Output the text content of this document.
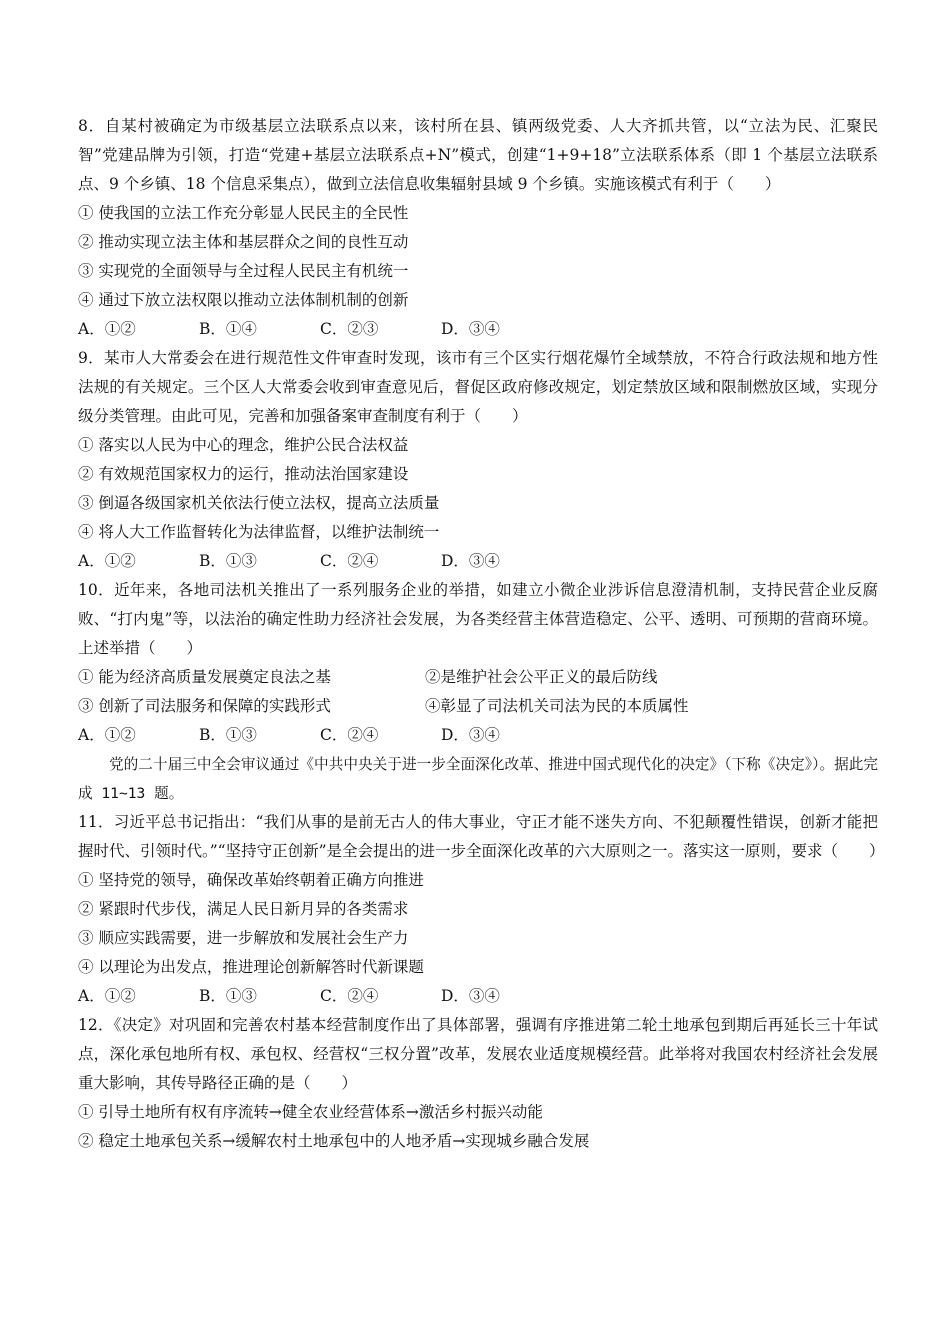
8．自某村被确定为市级基层立法联系点以来，该村所在县、镇两级党委、人大齐抓共管，以“立法为民、汇聚民智”党建品牌为引领，打造“党建+基层立法联系点+N”模式，创建“1+9+18”立法联系体系（即 1 个基层立法联系点、9 个乡镇、18 个信息采集点），做到立法信息收集辐射县域 9 个乡镇。实施该模式有利于（　　）
① 使我国的立法工作充分彰显人民民主的全民性
② 推动实现立法主体和基层群众之间的良性互动
③ 实现党的全面领导与全过程人民民主有机统一
④ 通过下放立法权限以推动立法体制机制的创新
A．①②	B．①④	C．②③	D．③④
9．某市人大常委会在进行规范性文件审查时发现，该市有三个区实行烟花爆竹全域禁放，不符合行政法规和地方性法规的有关规定。三个区人大常委会收到审查意见后，督促区政府修改规定，划定禁放区域和限制燃放区域，实现分级分类管理。由此可见，完善和加强备案审查制度有利于（　　）
① 落实以人民为中心的理念，维护公民合法权益
② 有效规范国家权力的运行，推动法治国家建设
③ 倒逼各级国家机关依法行使立法权，提高立法质量
④ 将人大工作监督转化为法律监督，以维护法制统一
A．①②	B．①③	C．②④	D．③④
10．近年来，各地司法机关推出了一系列服务企业的举措，如建立小微企业涉诉信息澄清机制，支持民营企业反腐败、“打内鬼”等，以法治的确定性助力经济社会发展，为各类经营主体营造稳定、公平、透明、可预期的营商环境。上述举措（　　）
① 能为经济高质量发展奠定良法之基	②是维护社会公平正义的最后防线
③ 创新了司法服务和保障的实践形式	④彰显了司法机关司法为民的本质属性
A．①②	B．①③	C．②④	D．③④
党的二十届三中全会审议通过《中共中央关于进一步全面深化改革、推进中国式现代化的决定》（下称《决定》）。据此完成 11~13 题。
11．习近平总书记指出：“我们从事的是前无古人的伟大事业，守正才能不迷失方向、不犯颠覆性错误，创新才能把握时代、引领时代。”“坚持守正创新”是全会提出的进一步全面深化改革的六大原则之一。落实这一原则，要求（　　）
① 坚持党的领导，确保改革始终朝着正确方向推进
② 紧跟时代步伐，满足人民日新月异的各类需求
③ 顺应实践需要，进一步解放和发展社会生产力
④ 以理论为出发点，推进理论创新解答时代新课题
A．①②	B．①③	C．②④	D．③④
12．《决定》对巩固和完善农村基本经营制度作出了具体部署，强调有序推进第二轮土地承包到期后再延长三十年试点，深化承包地所有权、承包权、经营权“三权分置”改革，发展农业适度规模经营。此举将对我国农村经济社会发展重大影响，其传导路径正确的是（　　）
① 引导土地所有权有序流转→健全农业经营体系→激活乡村振兴动能
② 稳定土地承包关系→缓解农村土地承包中的人地矛盾→实现城乡融合发展
